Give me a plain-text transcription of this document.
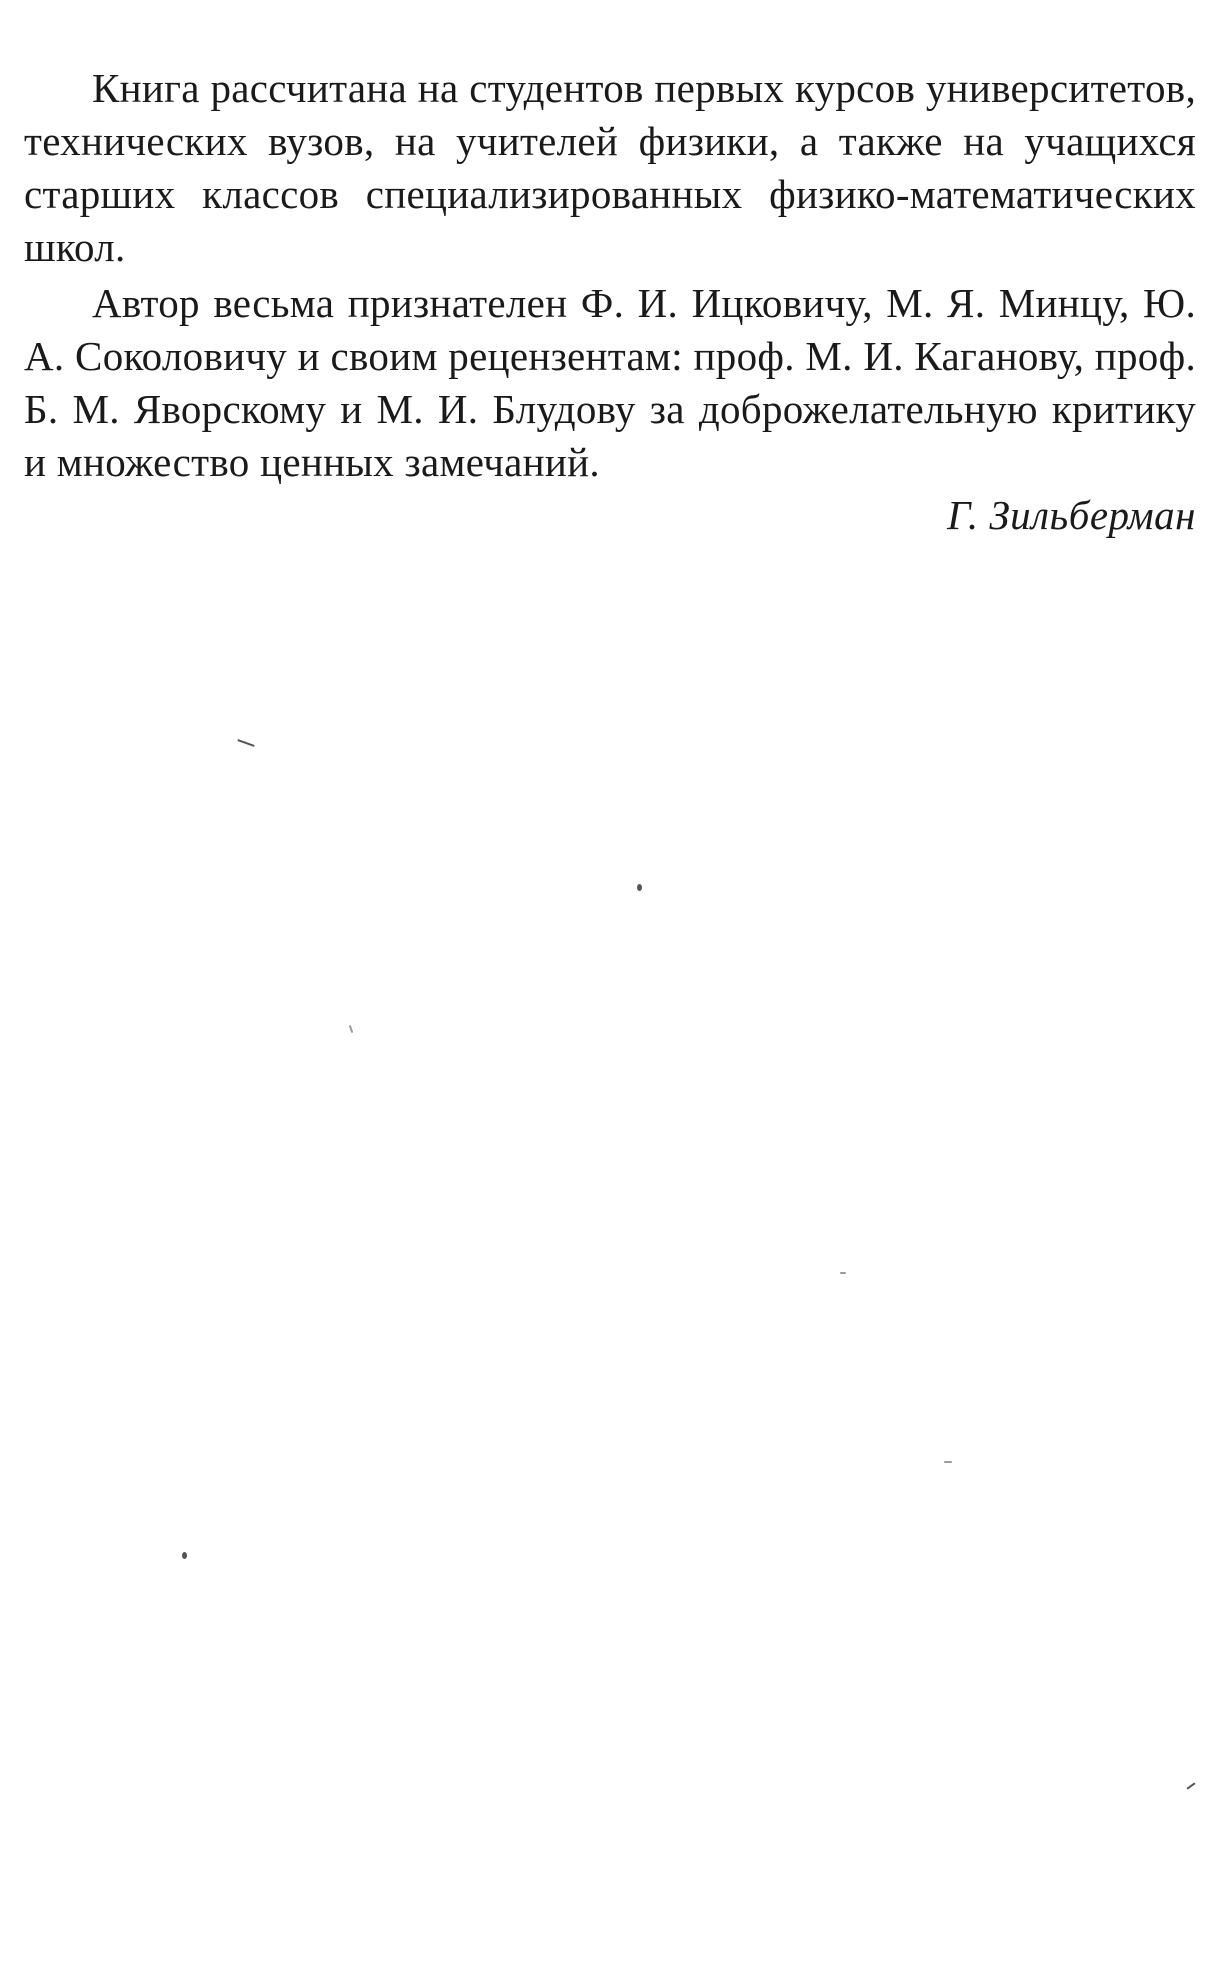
Книга рассчитана на студентов первых курсов университетов, технических вузов, на учителей физики, а также на учащихся старших классов специализированных физико-математических школ.

Автор весьма признателен Ф. И. Ицковичу, М. Я. Минцу, Ю. А. Соколовичу и своим рецензентам: проф. М. И. Каганову, проф. Б. М. Яворскому и М. И. Блудову за доброжелательную критику и множество ценных замечаний.

Г. Зильберман
